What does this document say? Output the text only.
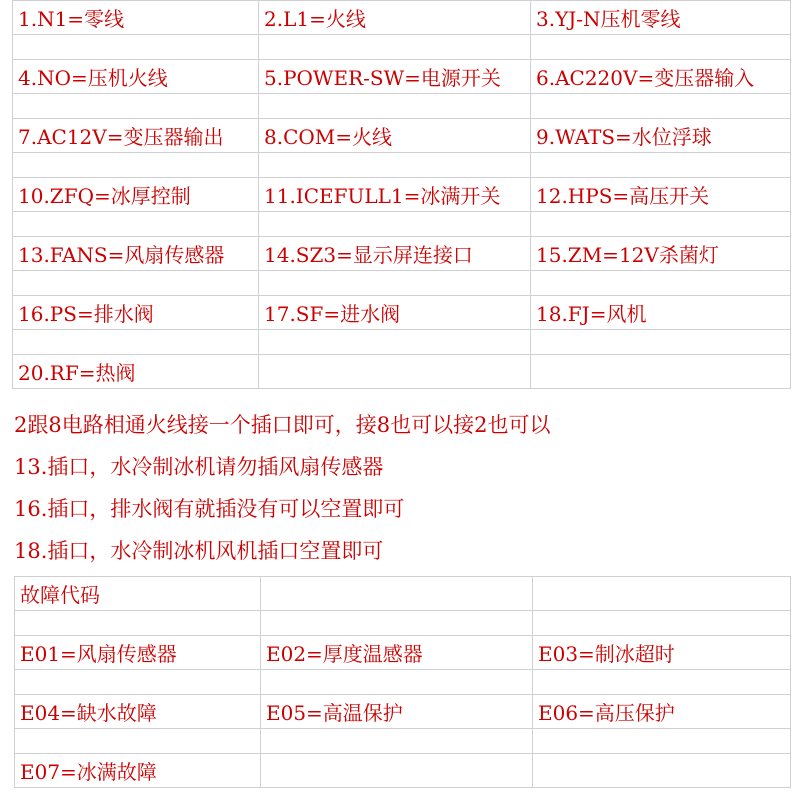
1.N1=零线	2.L1=火线	3.YJ-N压机零线

4.NO=压机火线	5.POWER-SW=电源开关	6.AC220V=变压器输入

7.AC12V=变压器输出	8.COM=火线	9.WATS=水位浮球

10.ZFQ=冰厚控制	11.ICEFULL1=冰满开关	12.HPS=高压开关

13.FANS=风扇传感器	14.SZ3=显示屏连接口	15.ZM=12V杀菌灯

16.PS=排水阀	17.SF=进水阀	18.FJ=风机

20.RF=热阀		
2跟8电路相通火线接一个插口即可，接8也可以接2也可以
13.插口，水冷制冰机请勿插风扇传感器
16.插口，排水阀有就插没有可以空置即可
18.插口，水冷制冰机风机插口空置即可
故障代码		

E01=风扇传感器	E02=厚度温感器	E03=制冰超时

E04=缺水故障	E05=高温保护	E06=高压保护

E07=冰满故障		
